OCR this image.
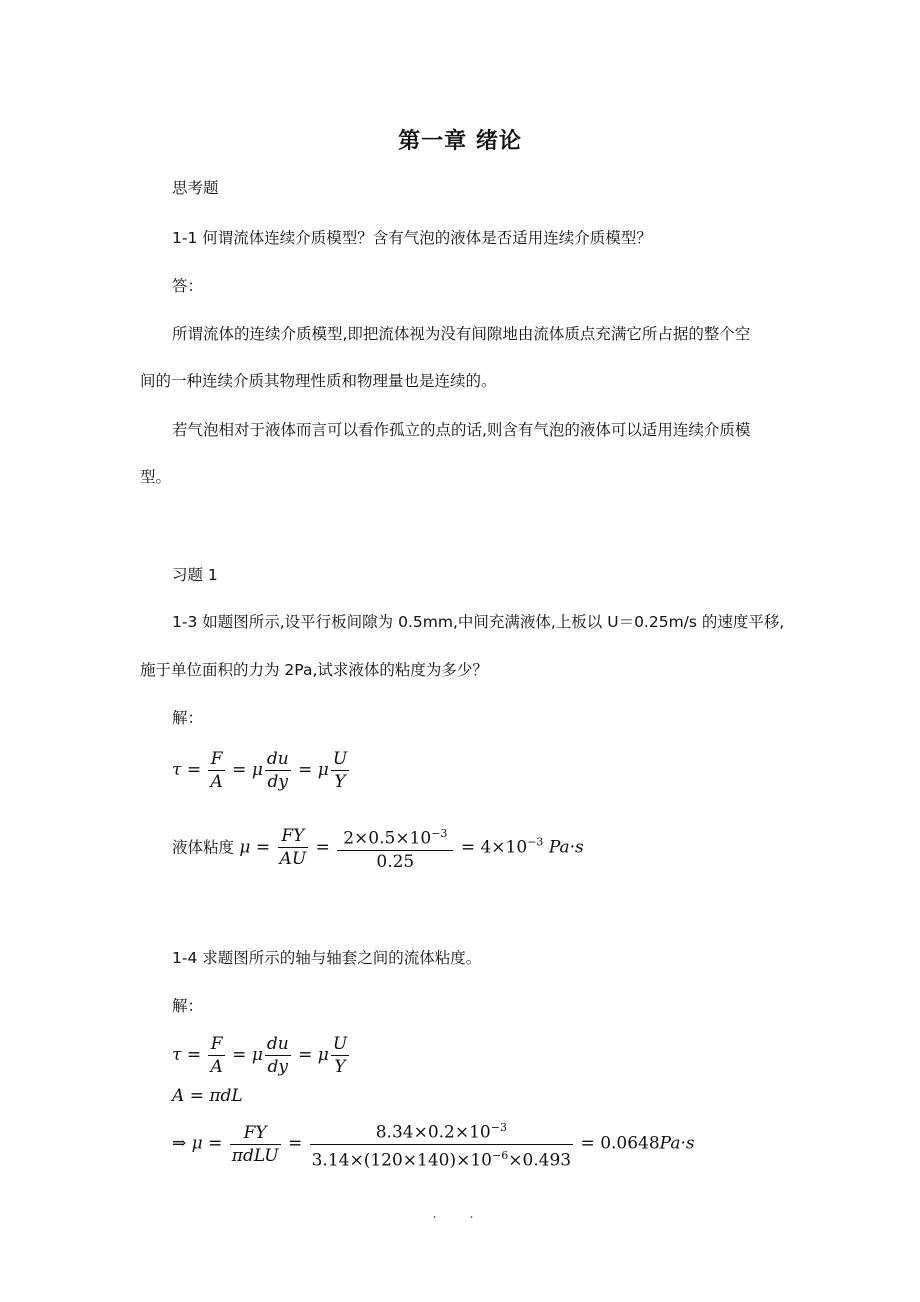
第一章 绪论
思考题
1-1 何谓流体连续介质模型？含有气泡的液体是否适用连续介质模型？
答：
所谓流体的连续介质模型,即把流体视为没有间隙地由流体质点充满它所占据的整个空
间的一种连续介质其物理性质和物理量也是连续的。
若气泡相对于液体而言可以看作孤立的点的话,则含有气泡的液体可以适用连续介质模
型。
习题 1
1-3 如题图所示,设平行板间隙为 0.5mm,中间充满液体,上板以 U＝0.25m/s 的速度平移,
施于单位面积的力为 2Pa,试求液体的粘度为多少？
解：
$\tau = \frac{F}{A} = \mu \frac{du}{dy} = \mu \frac{U}{Y}$
液体粘度 $\mu = \frac{FY}{AU} = \frac{2\times 0.5\times 10^{-3}}{0.25} = 4\times 10^{-3}$ Pa·s
1-4 求题图所示的轴与轴套之间的流体粘度。
解：
$\tau = \frac{F}{A} = \mu \frac{du}{dy} = \mu \frac{U}{Y}$
A = πdL
⇒ $\mu = \frac{FY}{\text{πdLU}} = \frac{8.34\times 0.2\times 10^{-3}}{3.14\times(120\times 140)\times 10^{-6}\times 0.493} = 0.0648Pa\cdot s$
· ·
